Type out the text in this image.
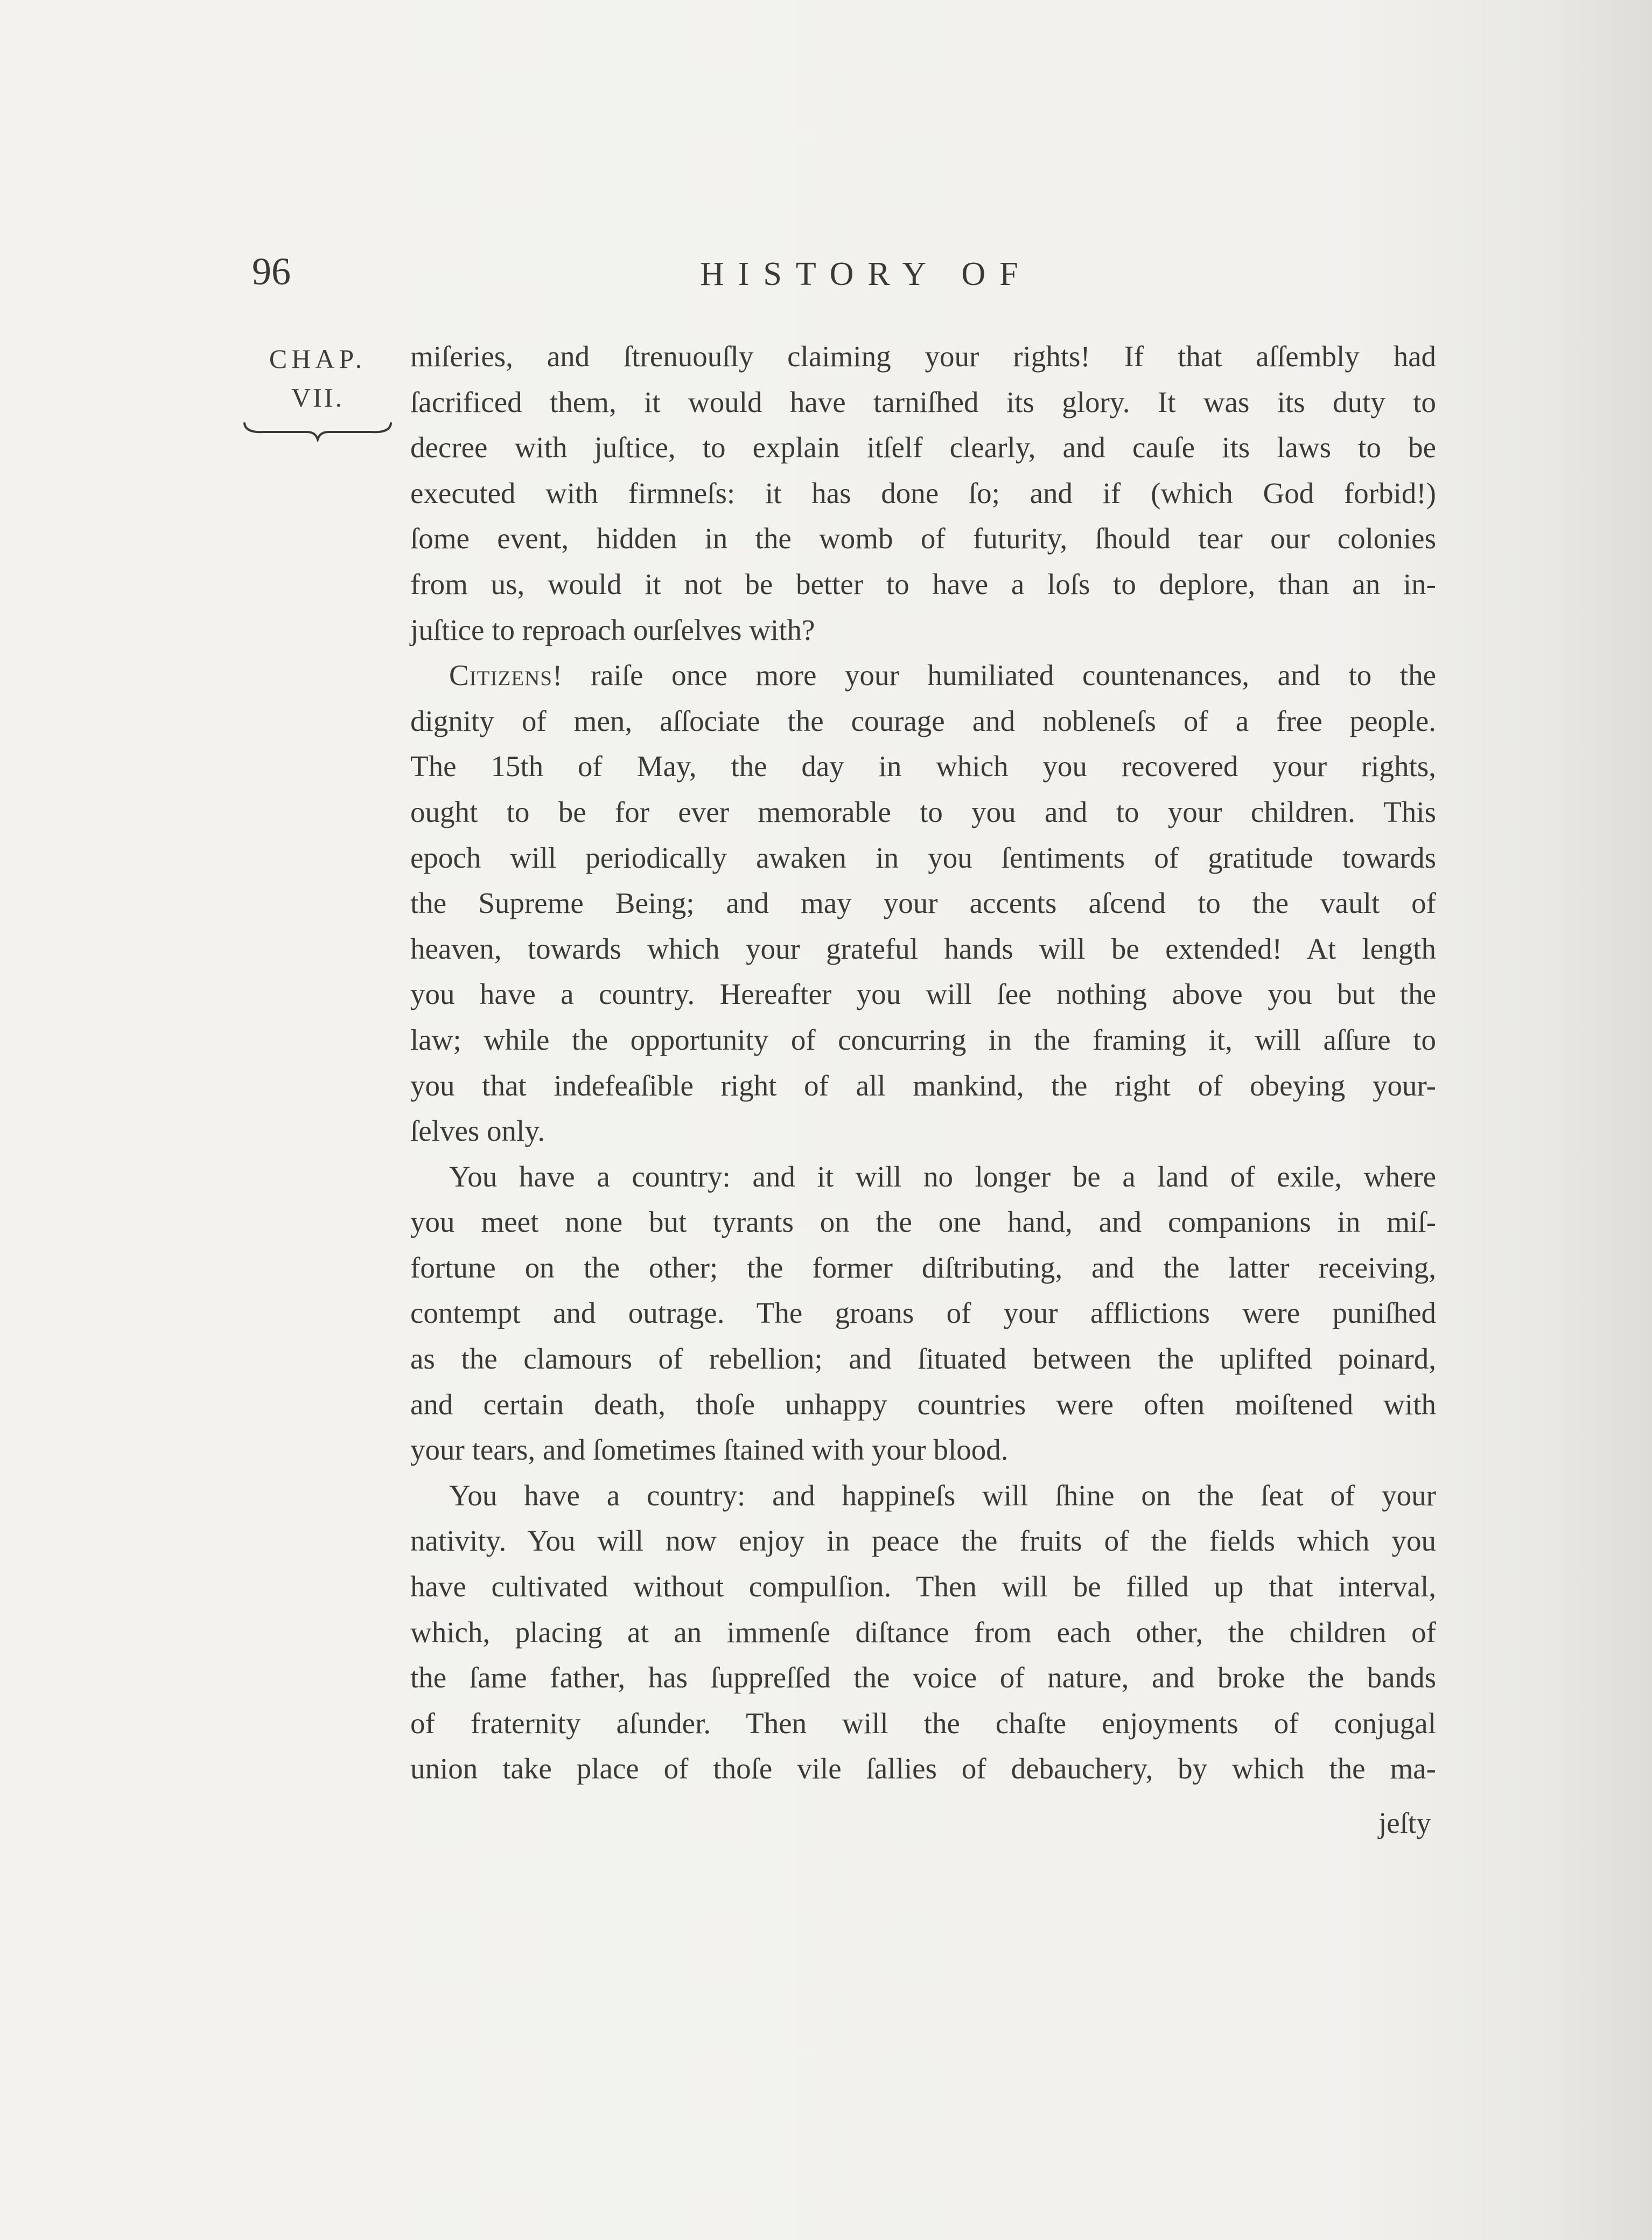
96	HISTORY OF
CHAP.
VII.
miſeries, and ſtrenuouſly claiming your rights! If that aſſembly had
ſacrificed them, it would have tarniſhed its glory. It was its duty to
decree with juſtice, to explain itſelf clearly, and cauſe its laws to be
executed with firmneſs: it has done ſo; and if (which God forbid!)
ſome event, hidden in the womb of futurity, ſhould tear our colonies
from us, would it not be better to have a loſs to deplore, than an in-
juſtice to reproach ourſelves with?
Citizens! raiſe once more your humiliated countenances, and to the
dignity of men, aſſociate the courage and nobleneſs of a free people.
The 15th of May, the day in which you recovered your rights,
ought to be for ever memorable to you and to your children. This
epoch will periodically awaken in you ſentiments of gratitude towards
the Supreme Being; and may your accents aſcend to the vault of
heaven, towards which your grateful hands will be extended! At length
you have a country. Hereafter you will ſee nothing above you but the
law; while the opportunity of concurring in the framing it, will aſſure to
you that indefeaſible right of all mankind, the right of obeying your-
ſelves only.
You have a country: and it will no longer be a land of exile, where
you meet none but tyrants on the one hand, and companions in miſ-
fortune on the other; the former diſtributing, and the latter receiving,
contempt and outrage. The groans of your afflictions were puniſhed
as the clamours of rebellion; and ſituated between the uplifted poinard,
and certain death, thoſe unhappy countries were often moiſtened with
your tears, and ſometimes ſtained with your blood.
You have a country: and happineſs will ſhine on the ſeat of your
nativity. You will now enjoy in peace the fruits of the fields which you
have cultivated without compulſion. Then will be filled up that interval,
which, placing at an immenſe diſtance from each other, the children of
the ſame father, has ſuppreſſed the voice of nature, and broke the bands
of fraternity aſunder. Then will the chaſte enjoyments of conjugal
union take place of thoſe vile ſallies of debauchery, by which the ma-
jeſty
